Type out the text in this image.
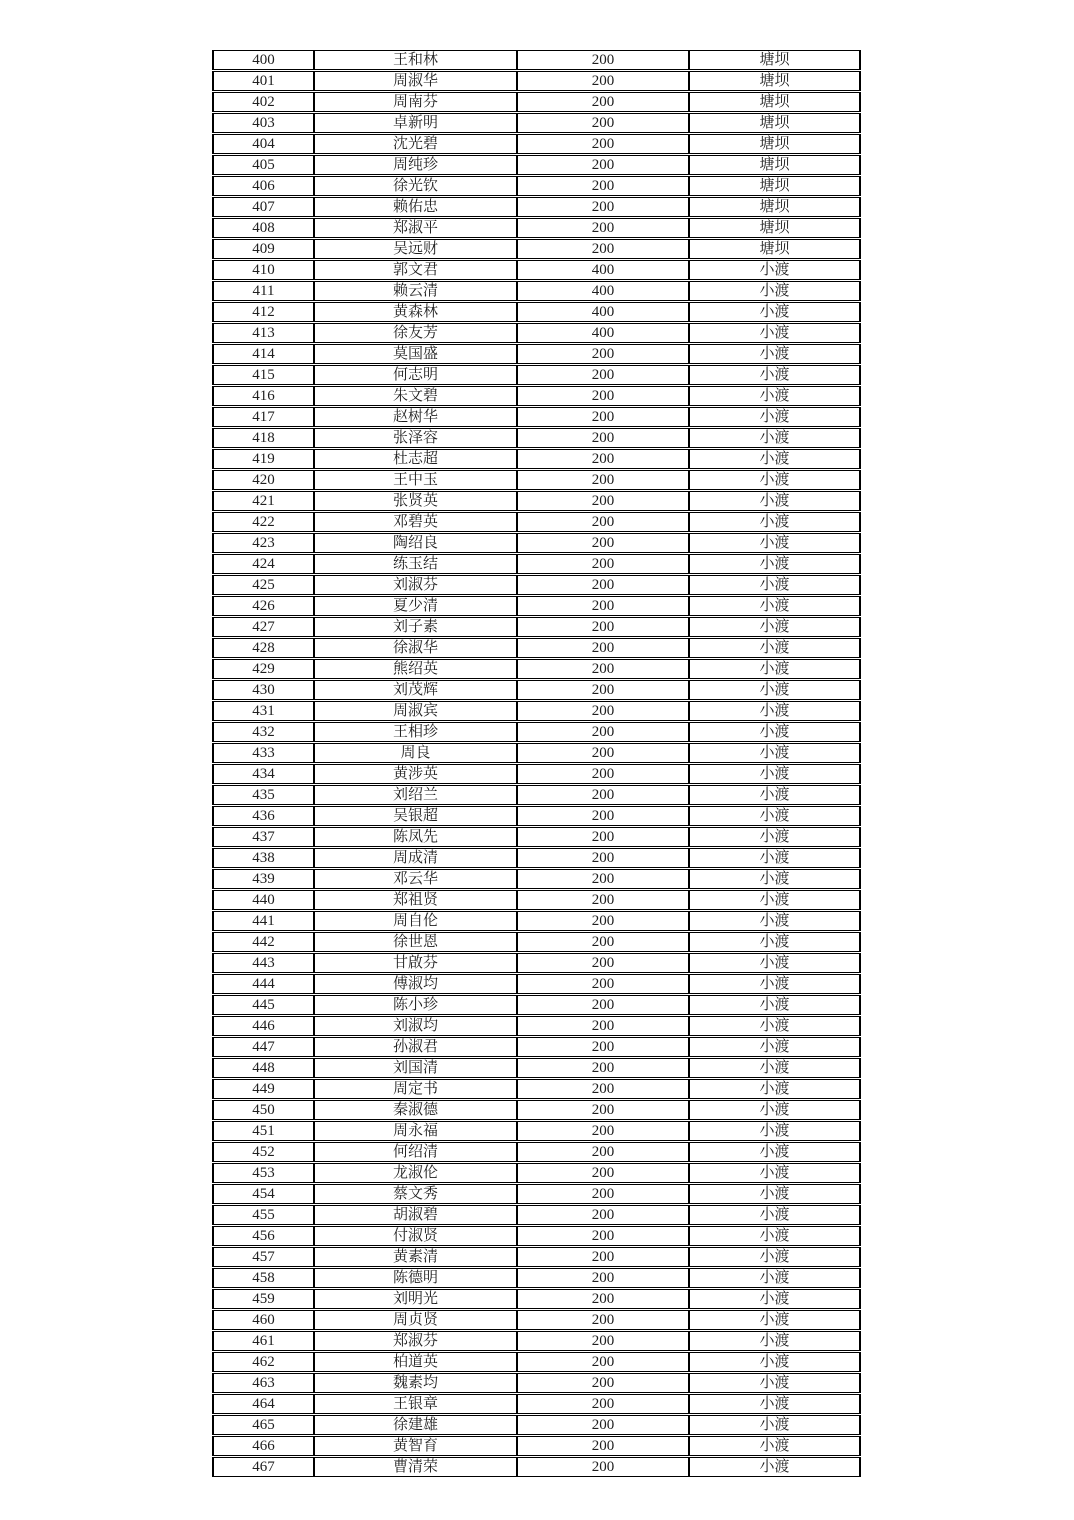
400	王和林	200	塘坝
401	周淑华	200	塘坝
402	周南芬	200	塘坝
403	卓新明	200	塘坝
404	沈光碧	200	塘坝
405	周纯珍	200	塘坝
406	徐光钦	200	塘坝
407	赖佑忠	200	塘坝
408	郑淑平	200	塘坝
409	吴远财	200	塘坝
410	郭文君	400	小渡
411	赖云清	400	小渡
412	黄森林	400	小渡
413	徐友芳	400	小渡
414	莫国盛	200	小渡
415	何志明	200	小渡
416	朱文碧	200	小渡
417	赵树华	200	小渡
418	张泽容	200	小渡
419	杜志超	200	小渡
420	王中玉	200	小渡
421	张贤英	200	小渡
422	邓碧英	200	小渡
423	陶绍良	200	小渡
424	练玉结	200	小渡
425	刘淑芬	200	小渡
426	夏少清	200	小渡
427	刘子素	200	小渡
428	徐淑华	200	小渡
429	熊绍英	200	小渡
430	刘茂辉	200	小渡
431	周淑宾	200	小渡
432	王相珍	200	小渡
433	周良	200	小渡
434	黄涉英	200	小渡
435	刘绍兰	200	小渡
436	吴银超	200	小渡
437	陈凤先	200	小渡
438	周成清	200	小渡
439	邓云华	200	小渡
440	郑祖贤	200	小渡
441	周自伦	200	小渡
442	徐世恩	200	小渡
443	甘啟芬	200	小渡
444	傅淑均	200	小渡
445	陈小珍	200	小渡
446	刘淑均	200	小渡
447	孙淑君	200	小渡
448	刘国清	200	小渡
449	周定书	200	小渡
450	秦淑德	200	小渡
451	周永福	200	小渡
452	何绍清	200	小渡
453	龙淑伦	200	小渡
454	蔡文秀	200	小渡
455	胡淑碧	200	小渡
456	付淑贤	200	小渡
457	黄素清	200	小渡
458	陈德明	200	小渡
459	刘明光	200	小渡
460	周贞贤	200	小渡
461	郑淑芬	200	小渡
462	柏道英	200	小渡
463	魏素均	200	小渡
464	王银章	200	小渡
465	徐建雄	200	小渡
466	黄智育	200	小渡
467	曹清荣	200	小渡
